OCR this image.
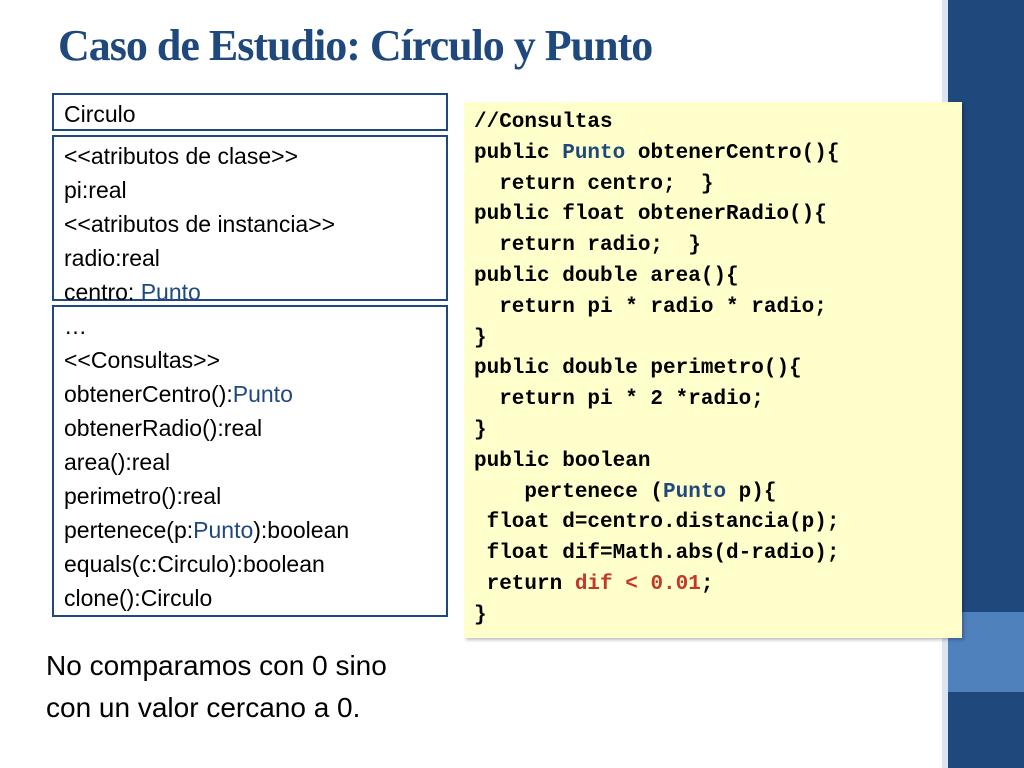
Caso de Estudio: Círculo y Punto
Circulo
<<atributos de clase>>
pi:real
<<atributos de instancia>>
radio:real
centro: Punto
…
<<Consultas>>
obtenerCentro():Punto
obtenerRadio():real
area():real
perimetro():real
pertenece(p:Punto):boolean
equals(c:Circulo):boolean
clone():Circulo
//Consultas
public Punto obtenerCentro(){
return centro;  }
public float obtenerRadio(){
return radio;  }
public double area(){
return pi * radio * radio;
}
public double perimetro(){
return pi * 2 *radio;
}
public boolean
pertenece (Punto p){
float d=centro.distancia(p);
float dif=Math.abs(d-radio);
return dif < 0.01;
}
No comparamos con 0 sino
con un valor cercano a 0.
